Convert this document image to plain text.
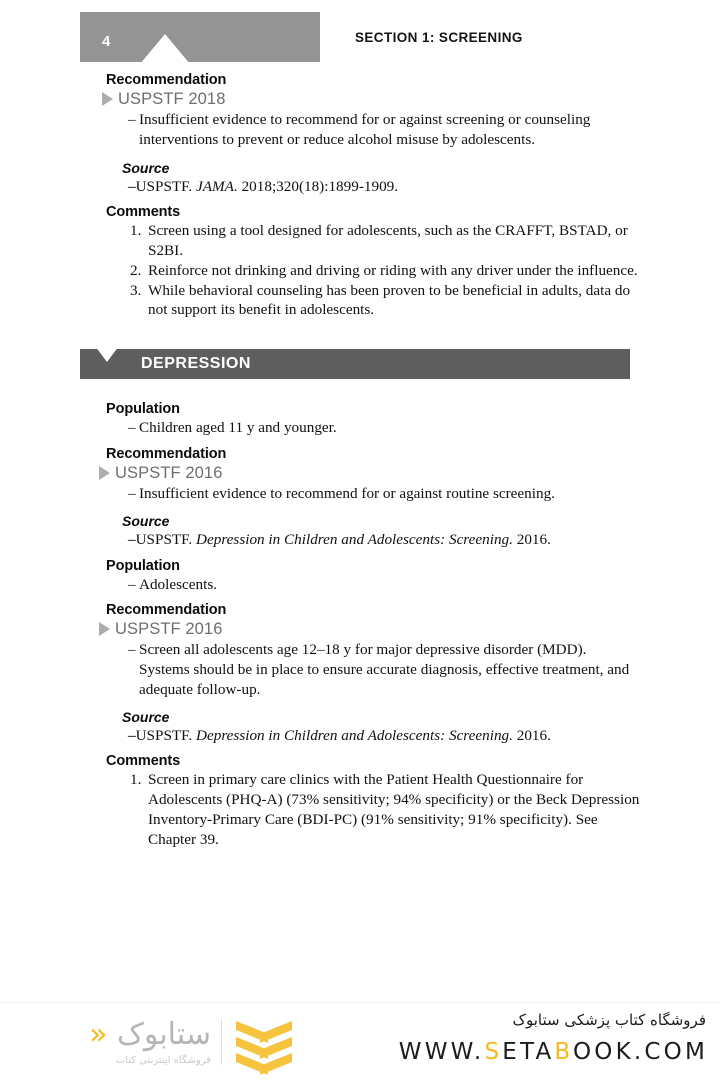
4	SECTION 1: SCREENING
Recommendation
USPSTF 2018
– Insufficient evidence to recommend for or against screening or counseling interventions to prevent or reduce alcohol misuse by adolescents.
Source
– –USPSTF. JAMA. 2018;320(18):1899-1909.
Comments
1. Screen using a tool designed for adolescents, such as the CRAFFT, BSTAD, or S2BI.
2. Reinforce not drinking and driving or riding with any driver under the influence.
3. While behavioral counseling has been proven to be beneficial in adults, data do not support its benefit in adolescents.
DEPRESSION
Population
– Children aged 11 y and younger.
Recommendation
USPSTF 2016
– Insufficient evidence to recommend for or against routine screening.
Source
– –USPSTF. Depression in Children and Adolescents: Screening. 2016.
Population
– Adolescents.
Recommendation
USPSTF 2016
– Screen all adolescents age 12–18 y for major depressive disorder (MDD). Systems should be in place to ensure accurate diagnosis, effective treatment, and adequate follow-up.
Source
– –USPSTF. Depression in Children and Adolescents: Screening. 2016.
Comments
1. Screen in primary care clinics with the Patient Health Questionnaire for Adolescents (PHQ-A) (73% sensitivity; 94% specificity) or the Beck Depression Inventory-Primary Care (BDI-PC) (91% sensitivity; 91% specificity). See Chapter 39.
ستابوک «
فروشگاه اینترنتی کتاب
فروشگاه کتاب پزشکی ستابوک
WWW.SETABOOK.COM
